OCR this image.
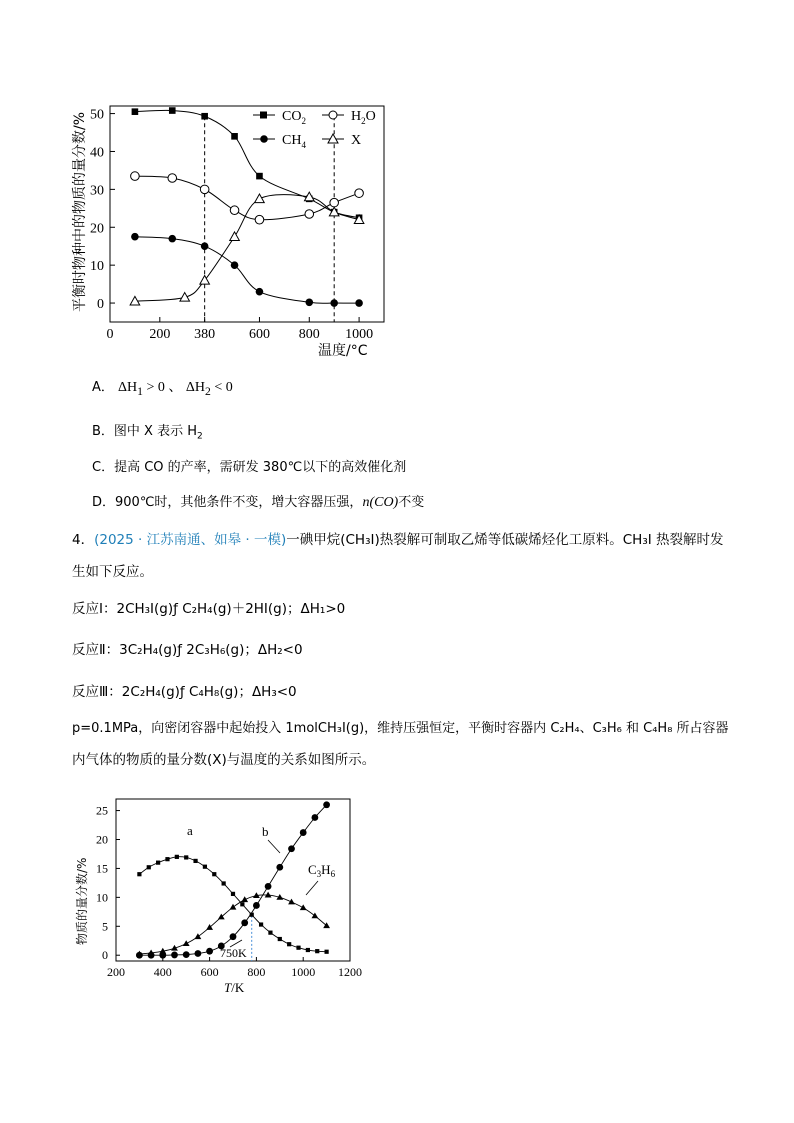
0
10
20
30
40
50
0	200 380 600 800 1000
$CO_2$	$H_2O$
$CH_4$	X
平衡时物种中的物质的量分数/%
温度/°C
A． $\Delta H_1 > 0$ 、 $\Delta H_2 < 0$
B．图中 X 表示 $H_2$
C．提高 CO 的产率，需研发 380℃以下的高效催化剂
D．900℃时，其他条件不变，增大容器压强，n(CO)不变
4．(2025 · 江苏南通、如皋 · 一模)一碘甲烷(CH₃I)热裂解可制取乙烯等低碳烯烃化工原料。CH₃I 热裂解时发
生如下反应。
反应Ⅰ：2CH₃I(g)ƒ C₂H₄(g)＋2HI(g)；ΔH₁>0
反应Ⅱ：3C₂H₄(g)ƒ 2C₃H₆(g)；ΔH₂<0
反应Ⅲ：2C₂H₄(g)ƒ C₄H₈(g)；ΔH₃<0
p=0.1MPa，向密闭容器中起始投入 1molCH₃I(g)，维持压强恒定，平衡时容器内 C₂H₄、C₃H₆ 和 C₄H₈ 所占容器
内气体的物质的量分数(X)与温度的关系如图所示。
0
5
10
15
20
25
200 400 600 800 1000 1200
物质的量分数/%
T/K
a	b
$C_3H_6$
750K
